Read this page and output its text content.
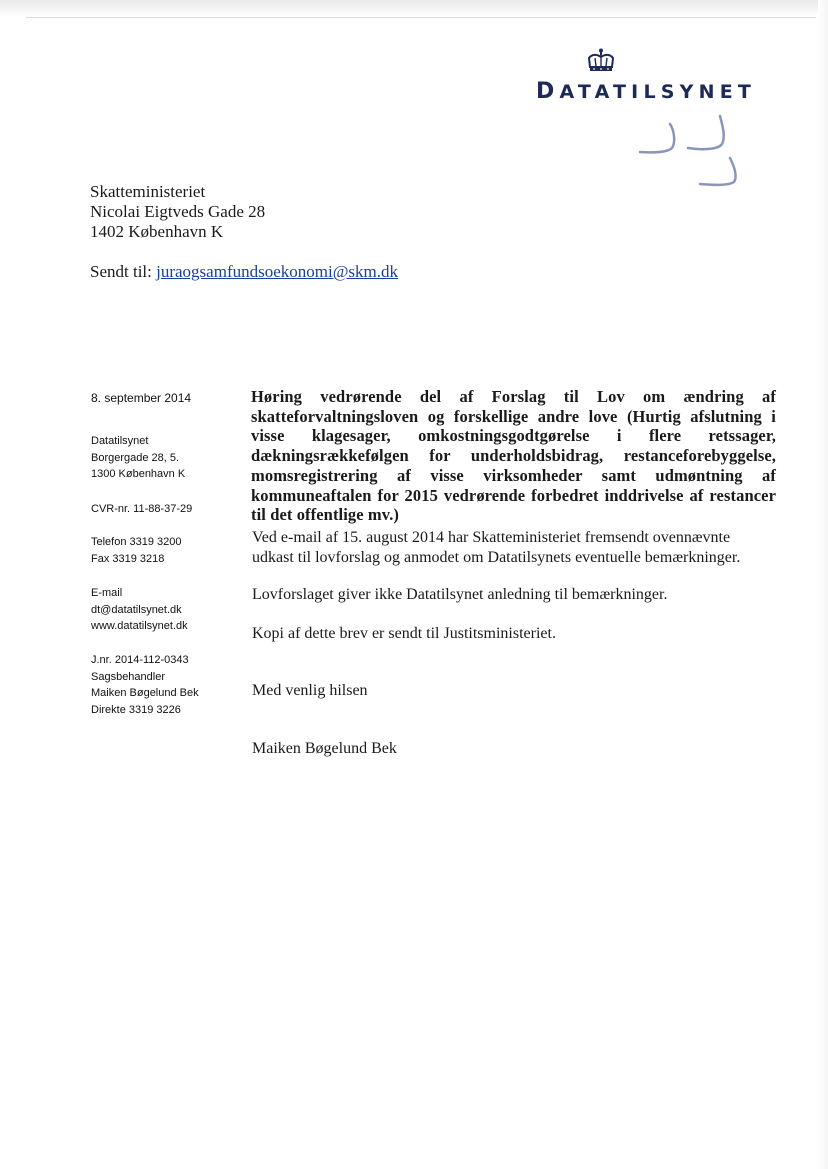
DATATILSYNET
Skatteministeriet
Nicolai Eigtveds Gade 28
1402 København K
Sendt til: juraogsamfundsoekonomi@skm.dk
8. september 2014
Datatilsynet
Borgergade 28, 5.
1300 København K
CVR-nr. 11-88-37-29
Telefon 3319 3200
Fax 3319 3218
E-mail
dt@datatilsynet.dk
www.datatilsynet.dk
J.nr. 2014-112-0343
Sagsbehandler
Maiken Bøgelund Bek
Direkte 3319 3226
Høring vedrørende del af Forslag til Lov om ændring af skatteforvaltningsloven og forskellige andre love (Hurtig afslutning i visse klagesager, omkostningsgodtgørelse i flere retssager, dækningsrækkefølgen for underholdsbidrag, restanceforebyggelse, momsregistrering af visse virksomheder samt udmøntning af kommuneaftalen for 2015 vedrørende forbedret inddrivelse af restancer til det offentlige mv.)
Ved e-mail af 15. august 2014 har Skatteministeriet fremsendt ovennævnte
udkast til lovforslag og anmodet om Datatilsynets eventuelle bemærkninger.
Lovforslaget giver ikke Datatilsynet anledning til bemærkninger.
Kopi af dette brev er sendt til Justitsministeriet.
Med venlig hilsen
Maiken Bøgelund Bek
